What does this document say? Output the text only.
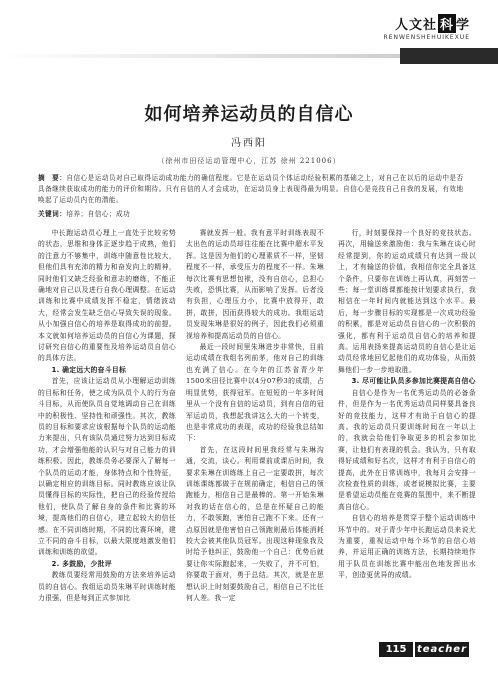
人文社 科 学
RENWENSHEHUIKEXUE
如何培养运动员的自信心
冯西阳
（徐州市田径运动管理中心，江苏 徐州 221006）
摘　要：自信心是运动员对自己取得运动成功能力的确信程度。它是在运动员个体运动经验积累的基础之上，对自己在以后的运动中是否具备继续获取成功的能力的评价和期待。只有自信的人才会成功，在运动员身上表现得最为明显。自信心是竞技自己自我的发展，有效地唤起了运动员内在的潜能。
关键词：培养；自信心；成功

中长跑运动员心理上一直处于比较劣势的状态，思维和身体正逐步趋于成熟，他们的注意力不够集中，训练中随意性比较大，但他们具有充沛的精力和奋发向上的精神，同时他们又缺乏经验和意志的磨练，不能正确地对自己以及进行自我心理调整。在运动训练和比赛中成绩发挥不稳定，情绪波动大，经常会发生缺乏信心导致失误的现象。从小加强自信心的培养是取得成功的前提。本文就如何培养运动员的自信心为课题，探讨研究自信心的重要性及培养运动员自信心的具体方法。

1. 确定远大的奋斗目标

首先，应该让运动员从小理解运动训练的目标和任务，使之成为队员个人的行为奋斗目标，从而使队员自觉地调动自己在训练中的积极性、坚持性和顽强性。其次，教练员的目标和要求应该根据每个队员的运动能力来提出，只有该队员通过努力达到目标成功，才会增强他能的认识与对自己能力的训练积极。因此，教练员务必要深入了解每一个队员的运动才能，身体特点和个性特征，以确定相应的训练目标。同时教练应该让队员懂得目标的实际性，把自己的经验传授给他们，使队员了解自身的条件和比赛的环境，提高他们的自信心，建立起较大的信任感。在不同训练时期，不同的比赛环境，建立不同的奋斗目标，以最大限度地激发他们训练和训练的欲望。

2. 多鼓励，少批评

教练员要经常用鼓励的方法来培养运动员的自信心。我组运动员朱琳平时训练时能力很强，但是每到正式参加比

赛就发挥一般。我有意平时训练表现不太出色的运动员却往往能在比赛中超水平发挥。这是因为他们的心理素质不一样，坚韧程度不一样，承受压力的程度不一样。朱琳每次比赛有思想包袱，没有自信心，总担心失败，恐惧比赛，从而影响了发挥。后者没有负担，心理压力小，比赛中放得开，敢拼，敢拼，因而获得较大的成功。我组运动员发现朱琳是很好的例子，因此我们必须重视培养和提高运动员的自信心。

最近一段时间里朱琳进步非常快，目前运动成绩在我组名列前茅，他对自己的训练也充满了信心。在今年的江苏省青少年1500米田径比赛中以4分07秒3的成绩，占明显优势，获得冠军。在短短的一年多时间里从一个没有自信的运动员，到有自信的冠军运动员，我想起我讲这么大的一个转变，也是非常成功的表现，成功的经验我总结如下：

首先，在这段时间里我经常与朱琳沟通，交流，谈心。利用课前或课后时间，我要求朱琳在训练练上自己一定要敢拼，每次训练课练都做于在规前确定，相信自己的领跑能力，相信自己是最棒的。第一开始朱琳对我的话在信心的，总是在怀疑自己的能力，不敢领跑，害怕自己跑不下来。还有一点原因就是他害怕自己领跑则最后体能消耗较大会被其他队员冠军。出现这种现象我及时给予他纠正，鼓励他一个自己：优势后就要让你实际跑起来，一失败了，并不可怕，你要敢于面对，勇于总结。其次，就是在思想认识上时刻要鼓励自己，相信自己不比任何人差。我一定

行，时刻要保持一个良好的竞技状态。再次，用输送来激励他：我与朱琳在谈心时经常提到，你的运动成绩只有达到一级以上，才有输送的价值，我相信你完全具备这个条件，只要你在训练上再认真，再刻苦一些；每一堂训练课都能按计划要求执行，我相信在一年时间内就能达到这个水平。最后，每一步骤目标的实现都是一次成功经验的积累，都是对运动员自信心的一次积极的强化，都有利于运动员自信心的培养和提高。运用表扬来提高运动员的自信心是让运动员经常地回忆起他们的成功体验，从而鼓舞他们一步一步地取胜。

3. 尽可能让队员多参加比赛提高自信心

自信心是作为一名优秀运动员的必备条件，但是作为一名优秀运动员同样要具备良好的竞技能力，这样才有助于自信心的提高。我的运动员只要训练时间在一年以上的，我就会给他们争取更多的机会参加比赛，让他们有表现的机会。我认为，只有取得好成绩和好名次，这样才有利于自信心的提高，此外在日常训练中，我每月会安排一次检查性质的训练，或者说模拟比赛，主要是希望运动员能在竞赛的氛围中，来不断提高自信心。

自信心的培养是贯穿于整个运动训练中环节中的。对于青少年中长跑运动员来说尤为重要，重视运动中每个环节的自信心培养，并运用正确的训练方法，长期持续地作用于队员在训练比赛中能出色地发挥出水平，创造更优异的成绩。

115	teacher
